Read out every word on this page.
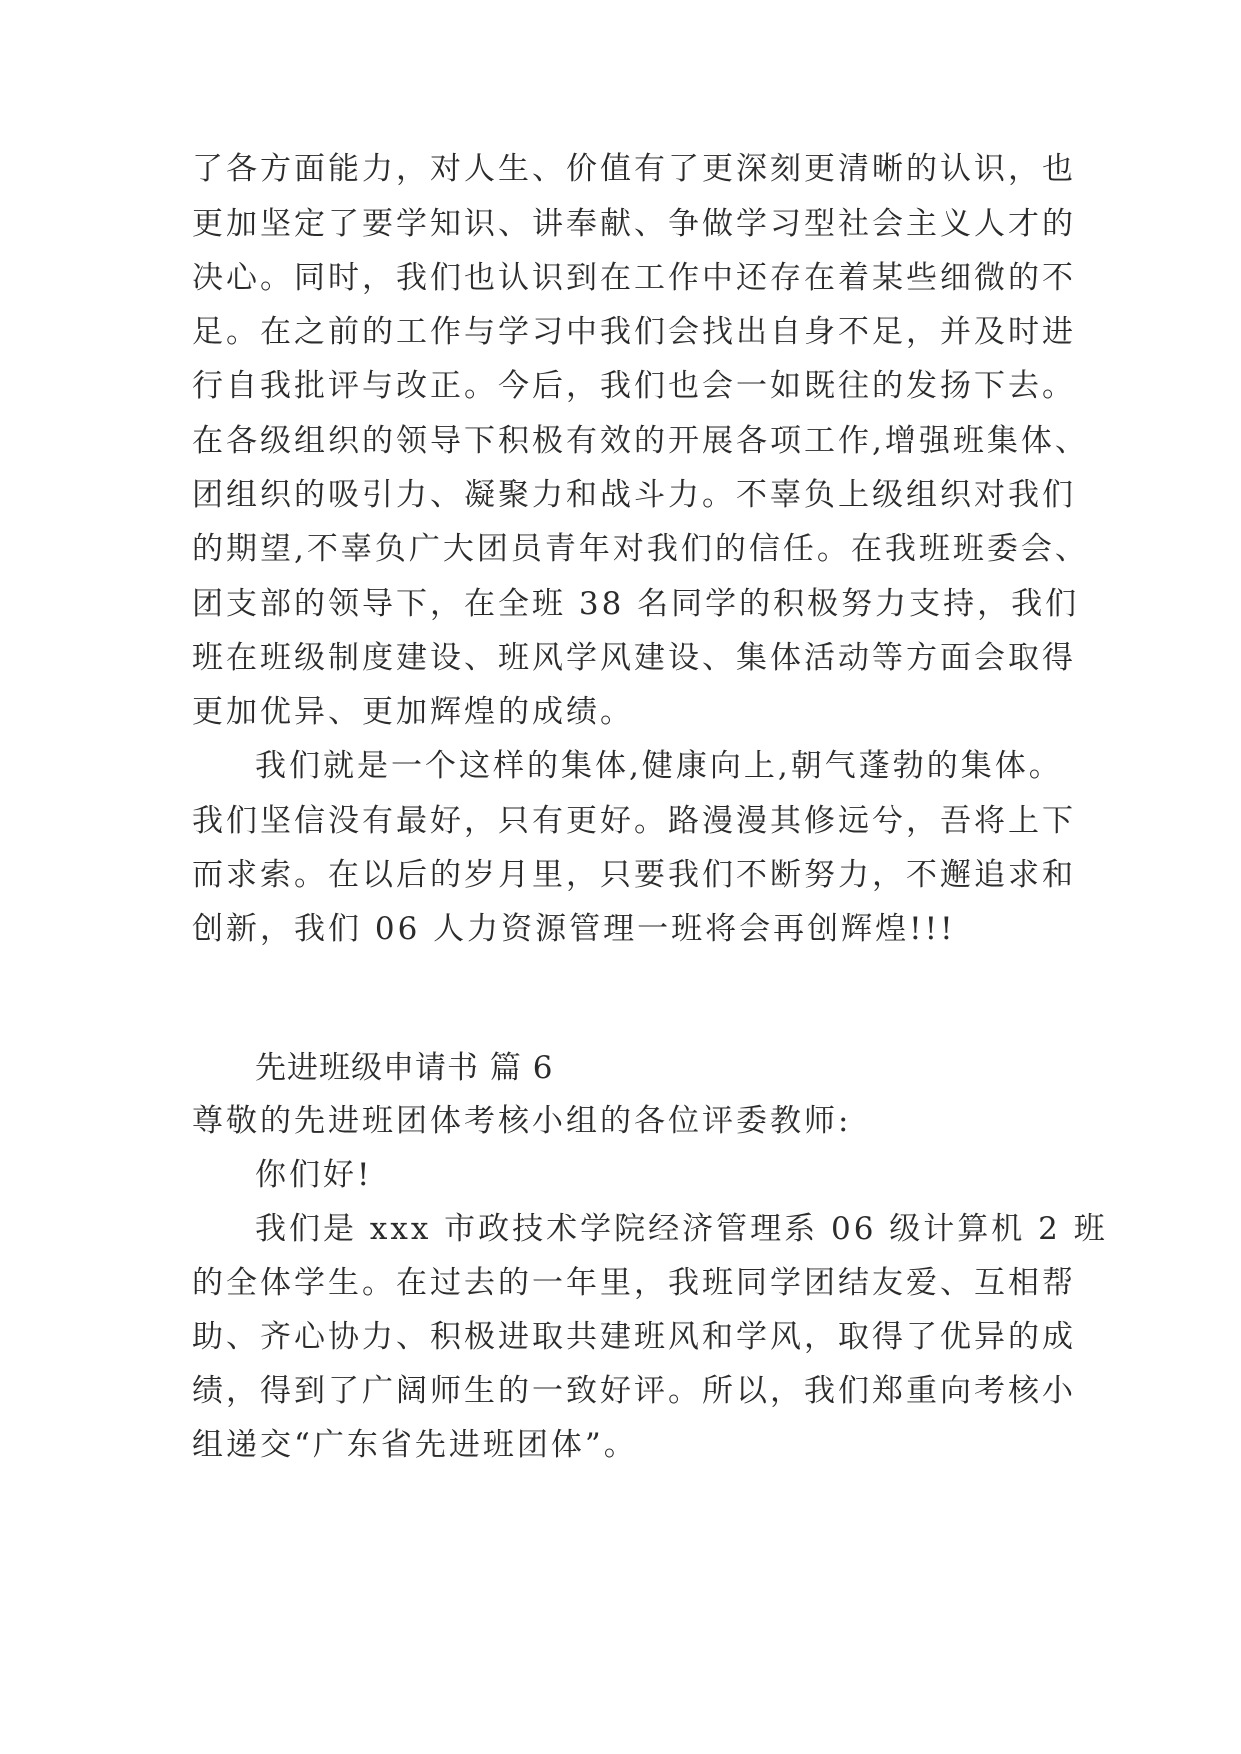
了各方面能力，对人生、价值有了更深刻更清晰的认识，也
更加坚定了要学知识、讲奉献、争做学习型社会主义人才的
决心。同时，我们也认识到在工作中还存在着某些细微的不
足。在之前的工作与学习中我们会找出自身不足，并及时进
行自我批评与改正。今后，我们也会一如既往的发扬下去。
在各级组织的领导下积极有效的开展各项工作,增强班集体、
团组织的吸引力、凝聚力和战斗力。不辜负上级组织对我们
的期望,不辜负广大团员青年对我们的信任。在我班班委会、
团支部的领导下，在全班 38 名同学的积极努力支持，我们
班在班级制度建设、班风学风建设、集体活动等方面会取得
更加优异、更加辉煌的成绩。
我们就是一个这样的集体,健康向上,朝气蓬勃的集体。
我们坚信没有最好，只有更好。路漫漫其修远兮，吾将上下
而求索。在以后的岁月里，只要我们不断努力，不邂追求和
创新，我们 06 人力资源管理一班将会再创辉煌!!!
先进班级申请书 篇 6
尊敬的先进班团体考核小组的各位评委教师:
你们好!
我们是 xxx 市政技术学院经济管理系 06 级计算机 2 班
的全体学生。在过去的一年里，我班同学团结友爱、互相帮
助、齐心协力、积极进取共建班风和学风，取得了优异的成
绩，得到了广阔师生的一致好评。所以，我们郑重向考核小
组递交“广东省先进班团体”。
